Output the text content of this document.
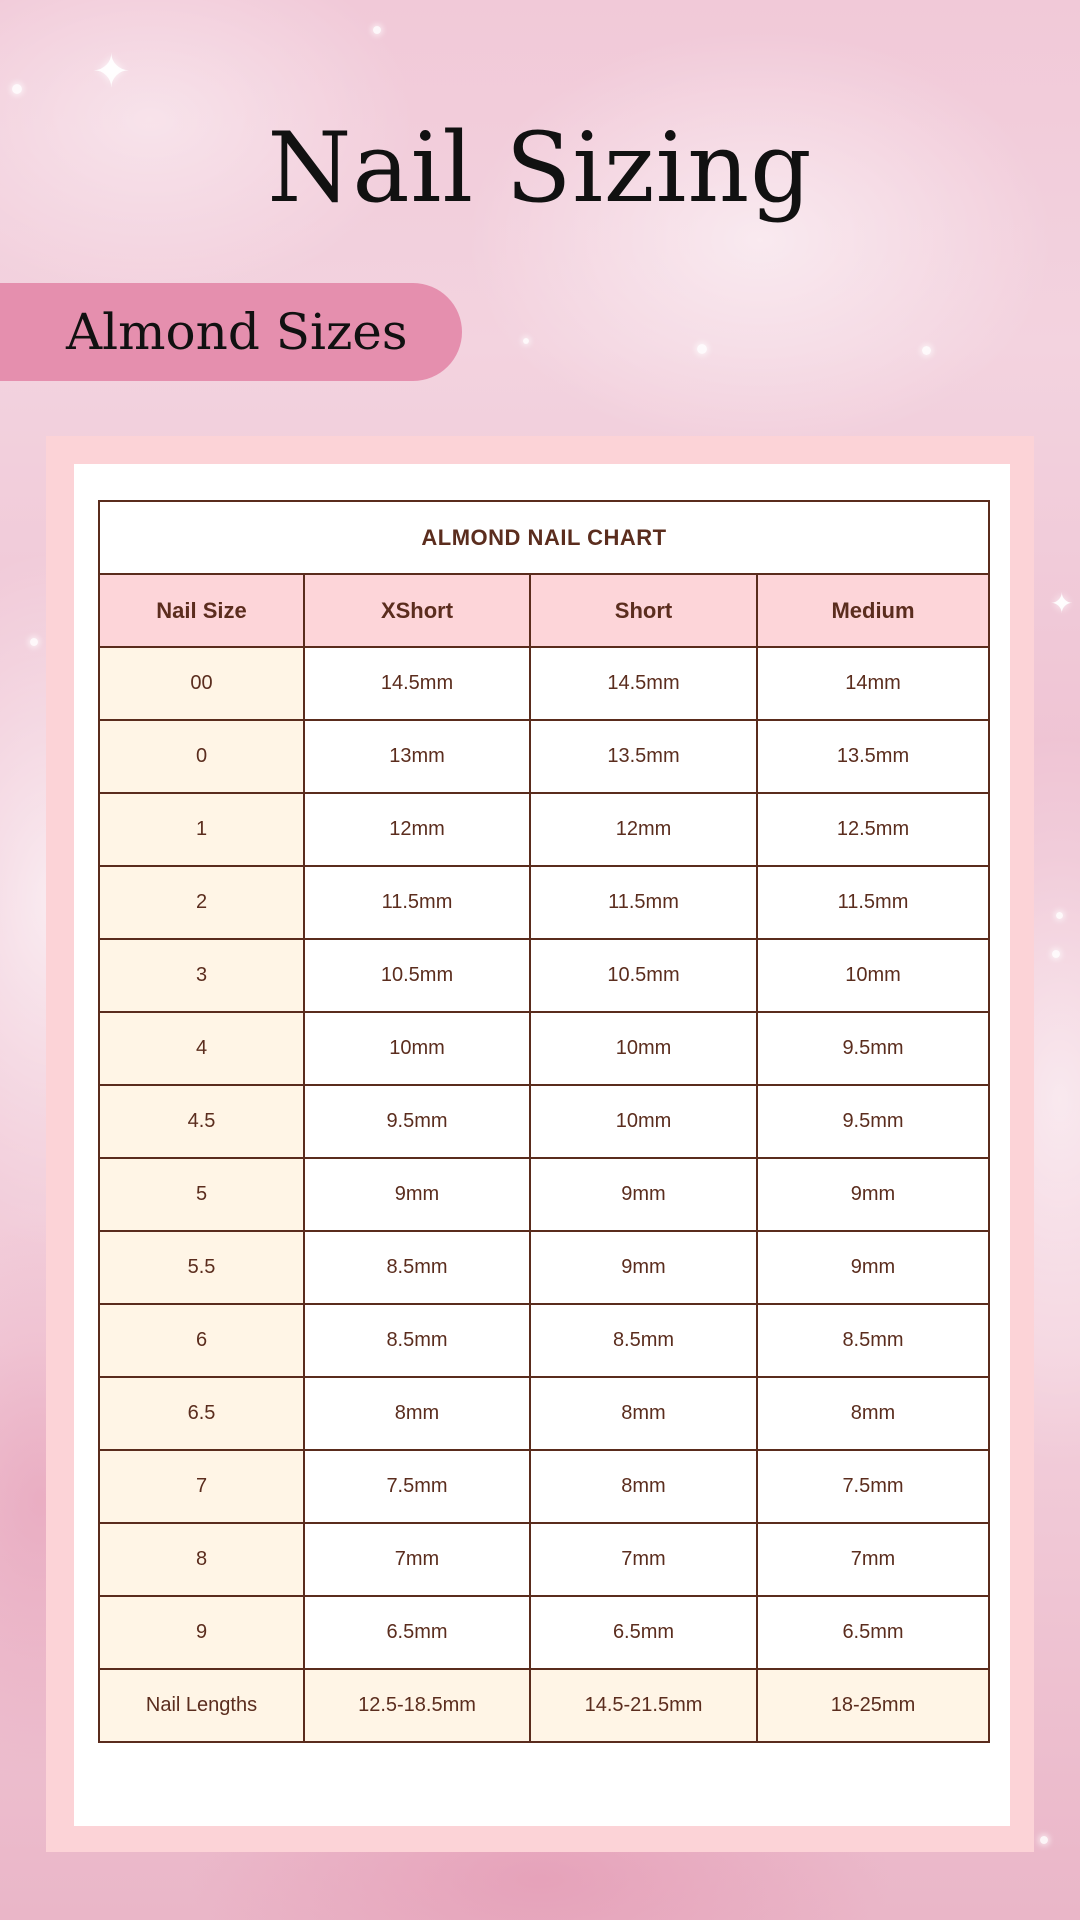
✦
✦
Nail Sizing
Almond Sizes
ALMOND NAIL CHART			
Nail Size	XShort	Short	Medium
00	14.5mm	14.5mm	14mm
0	13mm	13.5mm	13.5mm
1	12mm	12mm	12.5mm
2	11.5mm	11.5mm	11.5mm
3	10.5mm	10.5mm	10mm
4	10mm	10mm	9.5mm
4.5	9.5mm	10mm	9.5mm
5	9mm	9mm	9mm
5.5	8.5mm	9mm	9mm
6	8.5mm	8.5mm	8.5mm
6.5	8mm	8mm	8mm
7	7.5mm	8mm	7.5mm
8	7mm	7mm	7mm
9	6.5mm	6.5mm	6.5mm
Nail Lengths	12.5-18.5mm	14.5-21.5mm	18-25mm
